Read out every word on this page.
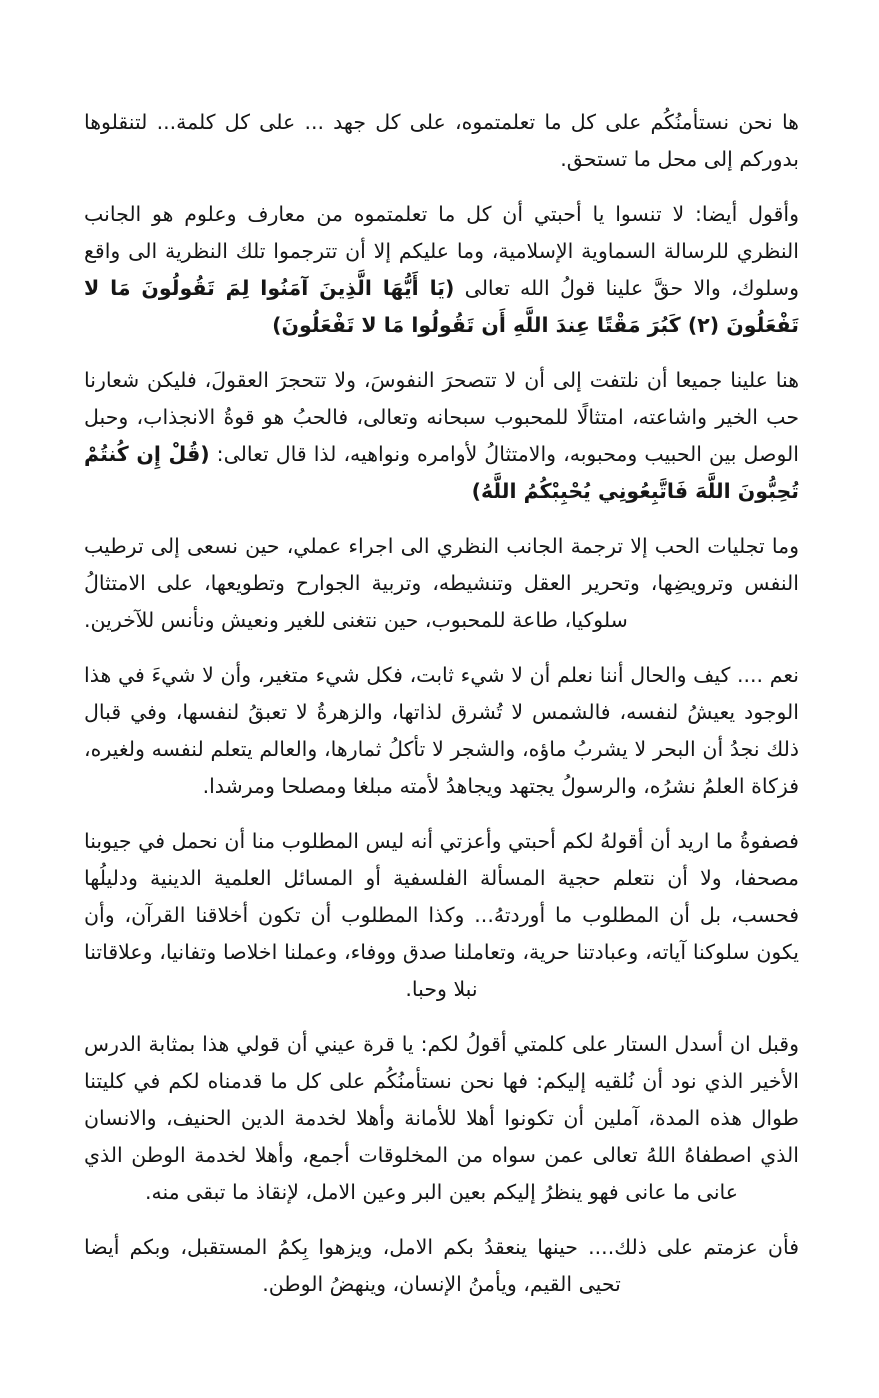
ها نحن نستأمنُكُم على كل ما تعلمتموه، على كل جهد ... على كل كلمة... لتنقلوها بدوركم إلى محل ما تستحق.

وأقول أيضا: لا تنسوا يا أحبتي أن كل ما تعلمتموه من معارف وعلوم هو الجانب النظري للرسالة السماوية الإسلامية، وما عليكم إلا أن تترجموا تلك النظرية الى واقع وسلوك، والا حقَّ علينا قولُ الله تعالى (يَا أَيُّهَا الَّذِينَ آمَنُوا لِمَ تَقُولُونَ مَا لا تَفْعَلُونَ (٢) كَبُرَ مَقْتًا عِندَ اللَّهِ أَن تَقُولُوا مَا لا تَفْعَلُونَ)

هنا علينا جميعا أن نلتفت إلى أن لا تتصحرَ النفوسَ، ولا تتحجرَ العقولَ، فليكن شعارنا حب الخير واشاعته، امتثالًا للمحبوب سبحانه وتعالى، فالحبُ هو قوةُ الانجذاب، وحبل الوصل بين الحبيب ومحبوبه، والامتثالُ لأوامره ونواهيه، لذا قال تعالى: (قُلْ إِن كُنتُمْ تُحِبُّونَ اللَّهَ فَاتَّبِعُونِي يُحْبِبْكُمُ اللَّهُ)

وما تجليات الحب إلا ترجمة الجانب النظري الى اجراء عملي، حين نسعى إلى ترطيب النفس وترويضِها، وتحرير العقل وتنشيطه، وتربية الجوارح وتطويعها، على الامتثالُ سلوكيا، طاعة للمحبوب، حين نتغنى للغير ونعيش ونأنس للآخرين.

نعم .... كيف والحال أننا نعلم أن لا شيء ثابت، فكل شيء متغير، وأن لا شيءَ في هذا الوجود يعيشُ لنفسه، فالشمس لا تُشرق لذاتها، والزهرةُ لا تعبقُ لنفسها، وفي قبال ذلك نجدُ أن البحر لا يشربُ ماؤه، والشجر لا تأكلُ ثمارها، والعالم يتعلم لنفسه ولغيره، فزكاة العلمُ نشرُه، والرسولُ يجتهد ويجاهدُ لأمته مبلغا ومصلحا ومرشدا.

فصفوةُ ما اريد أن أقولهُ لكم أحبتي وأعزتي أنه ليس المطلوب منا أن نحمل في جيوبنا مصحفا، ولا أن نتعلم حجية المسألة الفلسفية أو المسائل العلمية الدينية ودليلُها فحسب، بل أن المطلوب ما أوردتهُ... وكذا المطلوب أن تكون أخلاقنا القرآن، وأن يكون سلوكنا آياته، وعبادتنا حرية، وتعاملنا صدق ووفاء، وعملنا اخلاصا وتفانيا، وعلاقاتنا نبلا وحبا.

وقبل ان أسدل الستار على كلمتي أقولُ لكم: يا قرة عيني أن قولي هذا بمثابة الدرس الأخير الذي نود أن نُلقيه إليكم: فها نحن نستأمنُكُم على كل ما قدمناه لكم في كليتنا طوال هذه المدة، آملين أن تكونوا أهلا للأمانة وأهلا لخدمة الدين الحنيف، والانسان الذي اصطفاهُ اللهُ تعالى عمن سواه من المخلوقات أجمع، وأهلا لخدمة الوطن الذي عانى ما عانى فهو ينظرُ إليكم بعين البر وعين الامل، لإنقاذ ما تبقى منه.

فأن عزمتم على ذلك.... حينها ينعقدُ بكم الامل، ويزهوا بِكمُ المستقبل، وبكم أيضا تحيى القيم، ويأمنُ الإنسان، وينهضُ الوطن.
